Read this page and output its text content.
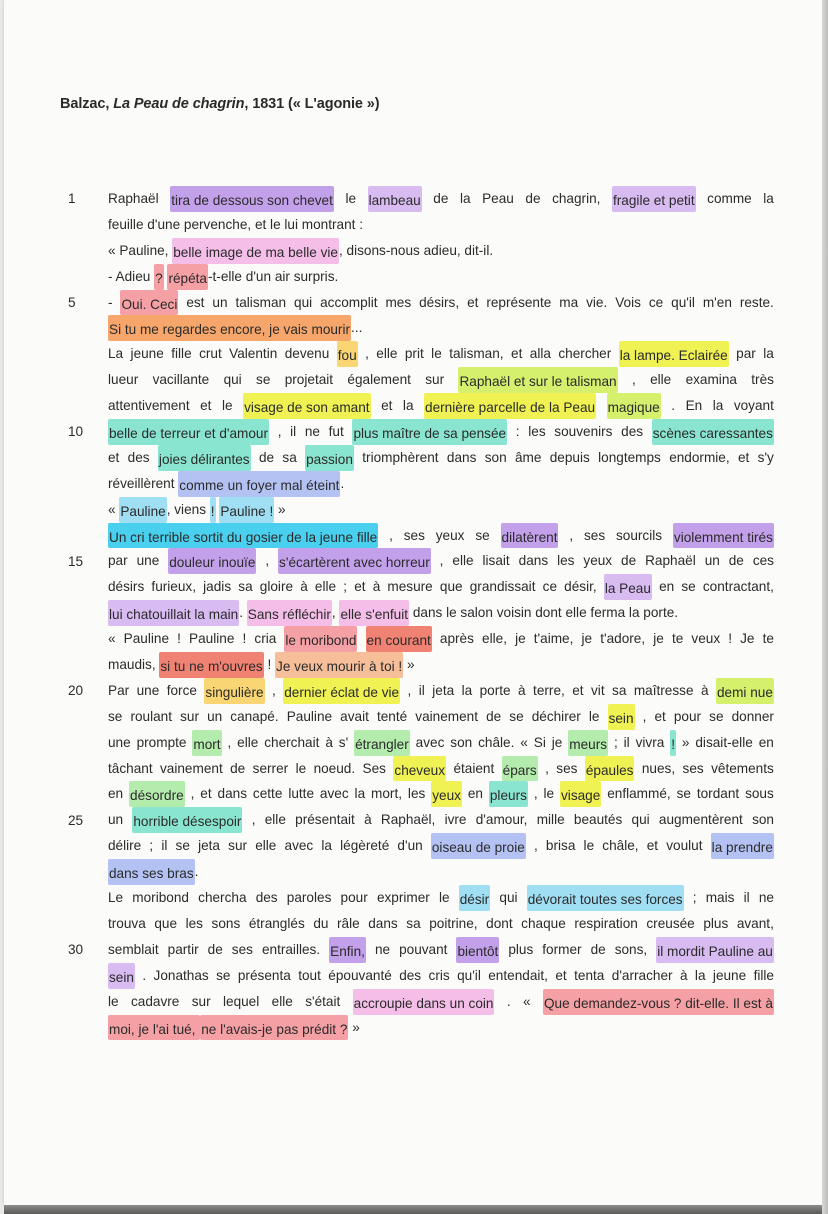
Balzac, La Peau de chagrin, 1831 (« L'agonie »)
1
5
10
15
20
25
30
Raphaël tira de dessous son chevet le lambeau de la Peau de chagrin, fragile et petit comme la
feuille d'une pervenche, et le lui montrant :
« Pauline, belle image de ma belle vie , disons-nous adieu, dit-il.
- Adieu ?
répéta -t-elle d'un air surpris.
- Oui. Ceci est un talisman qui accomplit mes désirs, et représente ma vie. Vois ce qu'il m'en reste.
Si tu me regardes encore, je vais mourir ...
La jeune fille crut Valentin devenu fou , elle prit le talisman, et alla chercher la lampe. Eclairée par la
lueur vacillante qui se projetait également sur Raphaël et sur le talisman , elle examina très
attentivement et le visage de son amant et la dernière parcelle de la Peau magique . En la voyant
belle de terreur et d'amour , il ne fut plus maître de sa pensée : les souvenirs des scènes caressantes
et des joies délirantes de sa passion triomphèrent dans son âme depuis longtemps endormie, et s'y
réveillèrent comme un foyer mal éteint .
« Pauline , viens !
Pauline ! »
Un cri terrible sortit du gosier de la jeune fille , ses yeux se dilatèrent , ses sourcils violemment tirés
par une douleur inouïe , s'écartèrent avec horreur , elle lisait dans les yeux de Raphaël un de ces
désirs furieux, jadis sa gloire à elle ; et à mesure que grandissait ce désir, la Peau en se contractant,
lui chatouillait la main . Sans réfléchir , elle s'enfuit dans le salon voisin dont elle ferma la porte.
« Pauline ! Pauline ! cria le moribond en courant après elle, je t'aime, je t'adore, je te veux ! Je te
maudis, si tu ne m'ouvres ! Je veux mourir à toi ! »
Par une force singulière , dernier éclat de vie , il jeta la porte à terre, et vit sa maîtresse à demi nue
se roulant sur un canapé. Pauline avait tenté vainement de se déchirer le sein , et pour se donner
une prompte mort , elle cherchait à s' étrangler avec son châle. « Si je meurs ; il vivra ! » disait-elle en
tâchant vainement de serrer le noeud. Ses cheveux étaient épars , ses épaules nues, ses vêtements
en désordre , et dans cette lutte avec la mort, les yeux en pleurs , le visage enflammé, se tordant sous
un horrible désespoir , elle présentait à Raphaël, ivre d'amour, mille beautés qui augmentèrent son
délire ; il se jeta sur elle avec la légèreté d'un oiseau de proie , brisa le châle, et voulut la prendre
dans ses bras .
Le moribond chercha des paroles pour exprimer le désir qui dévorait toutes ses forces ; mais il ne
trouva que les sons étranglés du râle dans sa poitrine, dont chaque respiration creusée plus avant,
semblait partir de ses entrailles. Enfin, ne pouvant bientôt plus former de sons, il mordit Pauline au
sein . Jonathas se présenta tout épouvanté des cris qu'il entendait, et tenta d'arracher à la jeune fille
le cadavre sur lequel elle s'était accroupie dans un coin . « Que demandez-vous ? dit-elle. Il est à
moi, je l'ai tué, ne l'avais-je pas prédit ? »
